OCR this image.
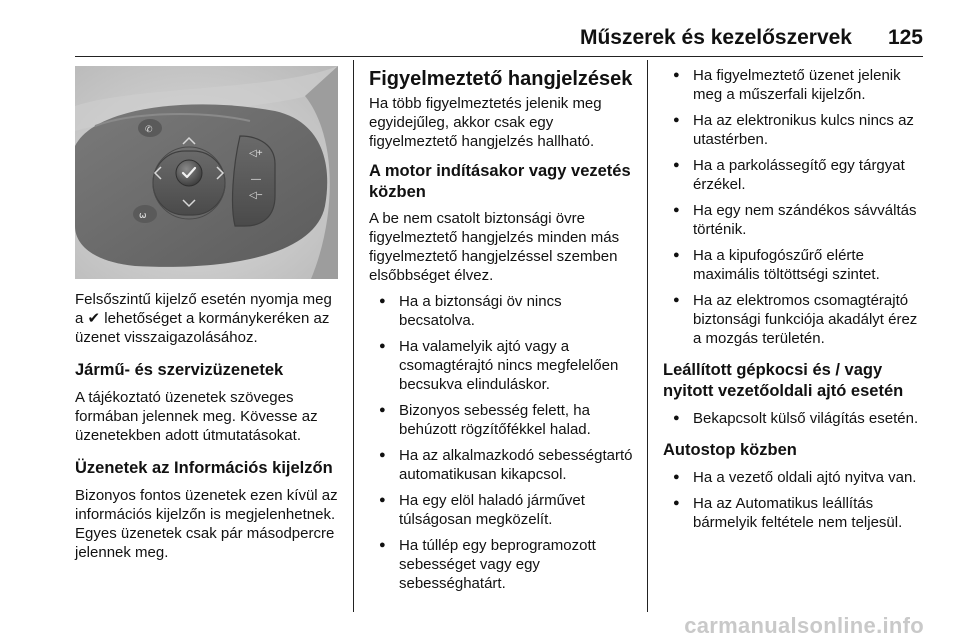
Műszerek és kezelőszervek 125
◁+
—
◁−
✆
⍵

Felsőszintű kijelző esetén nyomja meg a ✔ lehetőséget a kormánykeréken az üzenet visszaigazolásához.

Jármű- és szervizüzenetek

A tájékoztató üzenetek szöveges formában jelennek meg. Kövesse az üzenetekben adott útmutatásokat.

Üzenetek az Információs kijelzőn

Bizonyos fontos üzenetek ezen kívül az információs kijelzőn is megjelenhetnek. Egyes üzenetek csak pár másodpercre jelennek meg.

Figyelmeztető hangjelzések

Ha több figyelmeztetés jelenik meg egyidejűleg, akkor csak egy figyelmeztető hangjelzés hallható.

A motor indításakor vagy vezetés közben

A be nem csatolt biztonsági övre figyelmeztető hangjelzés minden más figyelmeztető hangjelzéssel szemben elsőbbséget élvez.

● Ha a biztonsági öv nincs becsatolva.
● Ha valamelyik ajtó vagy a csomagtérajtó nincs megfelelően becsukva elinduláskor.
● Bizonyos sebesség felett, ha behúzott rögzítőfékkel halad.
● Ha az alkalmazkodó sebességtartó automatikusan kikapcsol.
● Ha egy elöl haladó járművet túlságosan megközelít.
● Ha túllép egy beprogramozott sebességet vagy egy sebességhatárt.
● Ha figyelmeztető üzenet jelenik meg a műszerfali kijelzőn.
● Ha az elektronikus kulcs nincs az utastérben.
● Ha a parkolássegítő egy tárgyat érzékel.
● Ha egy nem szándékos sávváltás történik.
● Ha a kipufogószűrő elérte maximális töltöttségi szintet.
● Ha az elektromos csomagtérajtó biztonsági funkciója akadályt érez a mozgás területén.
Leállított gépkocsi és / vagy nyitott vezetőoldali ajtó esetén
● Bekapcsolt külső világítás esetén.
Autostop közben
● Ha a vezető oldali ajtó nyitva van.
● Ha az Automatikus leállítás bármelyik feltétele nem teljesül.
carmanualsonline.info
